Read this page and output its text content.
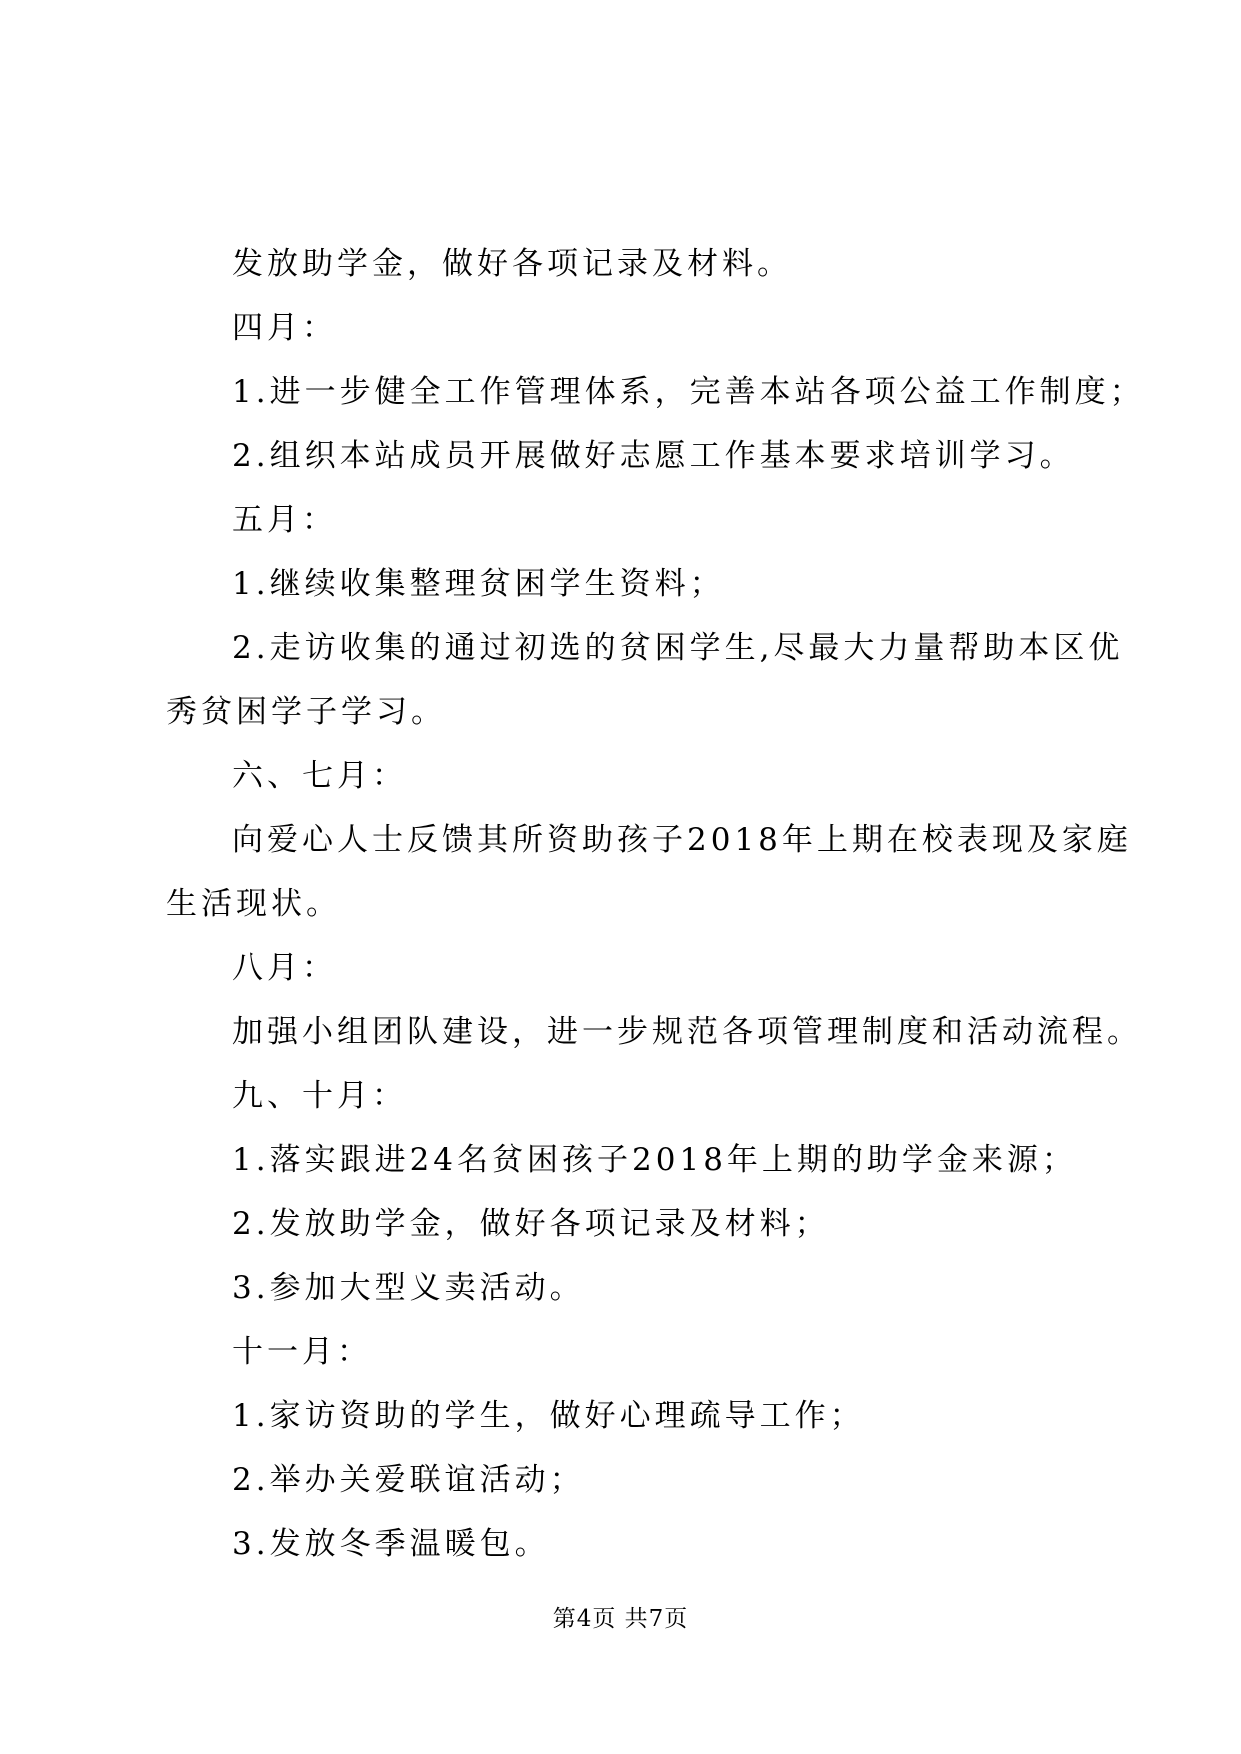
发放助学金，做好各项记录及材料。

四月：

1.进一步健全工作管理体系，完善本站各项公益工作制度；

2.组织本站成员开展做好志愿工作基本要求培训学习。

五月：

1.继续收集整理贫困学生资料；

2.走访收集的通过初选的贫困学生,尽最大力量帮助本区优

秀贫困学子学习。

六、七月：

向爱心人士反馈其所资助孩子2018年上期在校表现及家庭

生活现状。

八月：

加强小组团队建设，进一步规范各项管理制度和活动流程。

九、十月：

1.落实跟进24名贫困孩子2018年上期的助学金来源；

2.发放助学金，做好各项记录及材料；

3.参加大型义卖活动。

十一月：

1.家访资助的学生，做好心理疏导工作；

2.举办关爱联谊活动；

3.发放冬季温暖包。

第4页 共7页
